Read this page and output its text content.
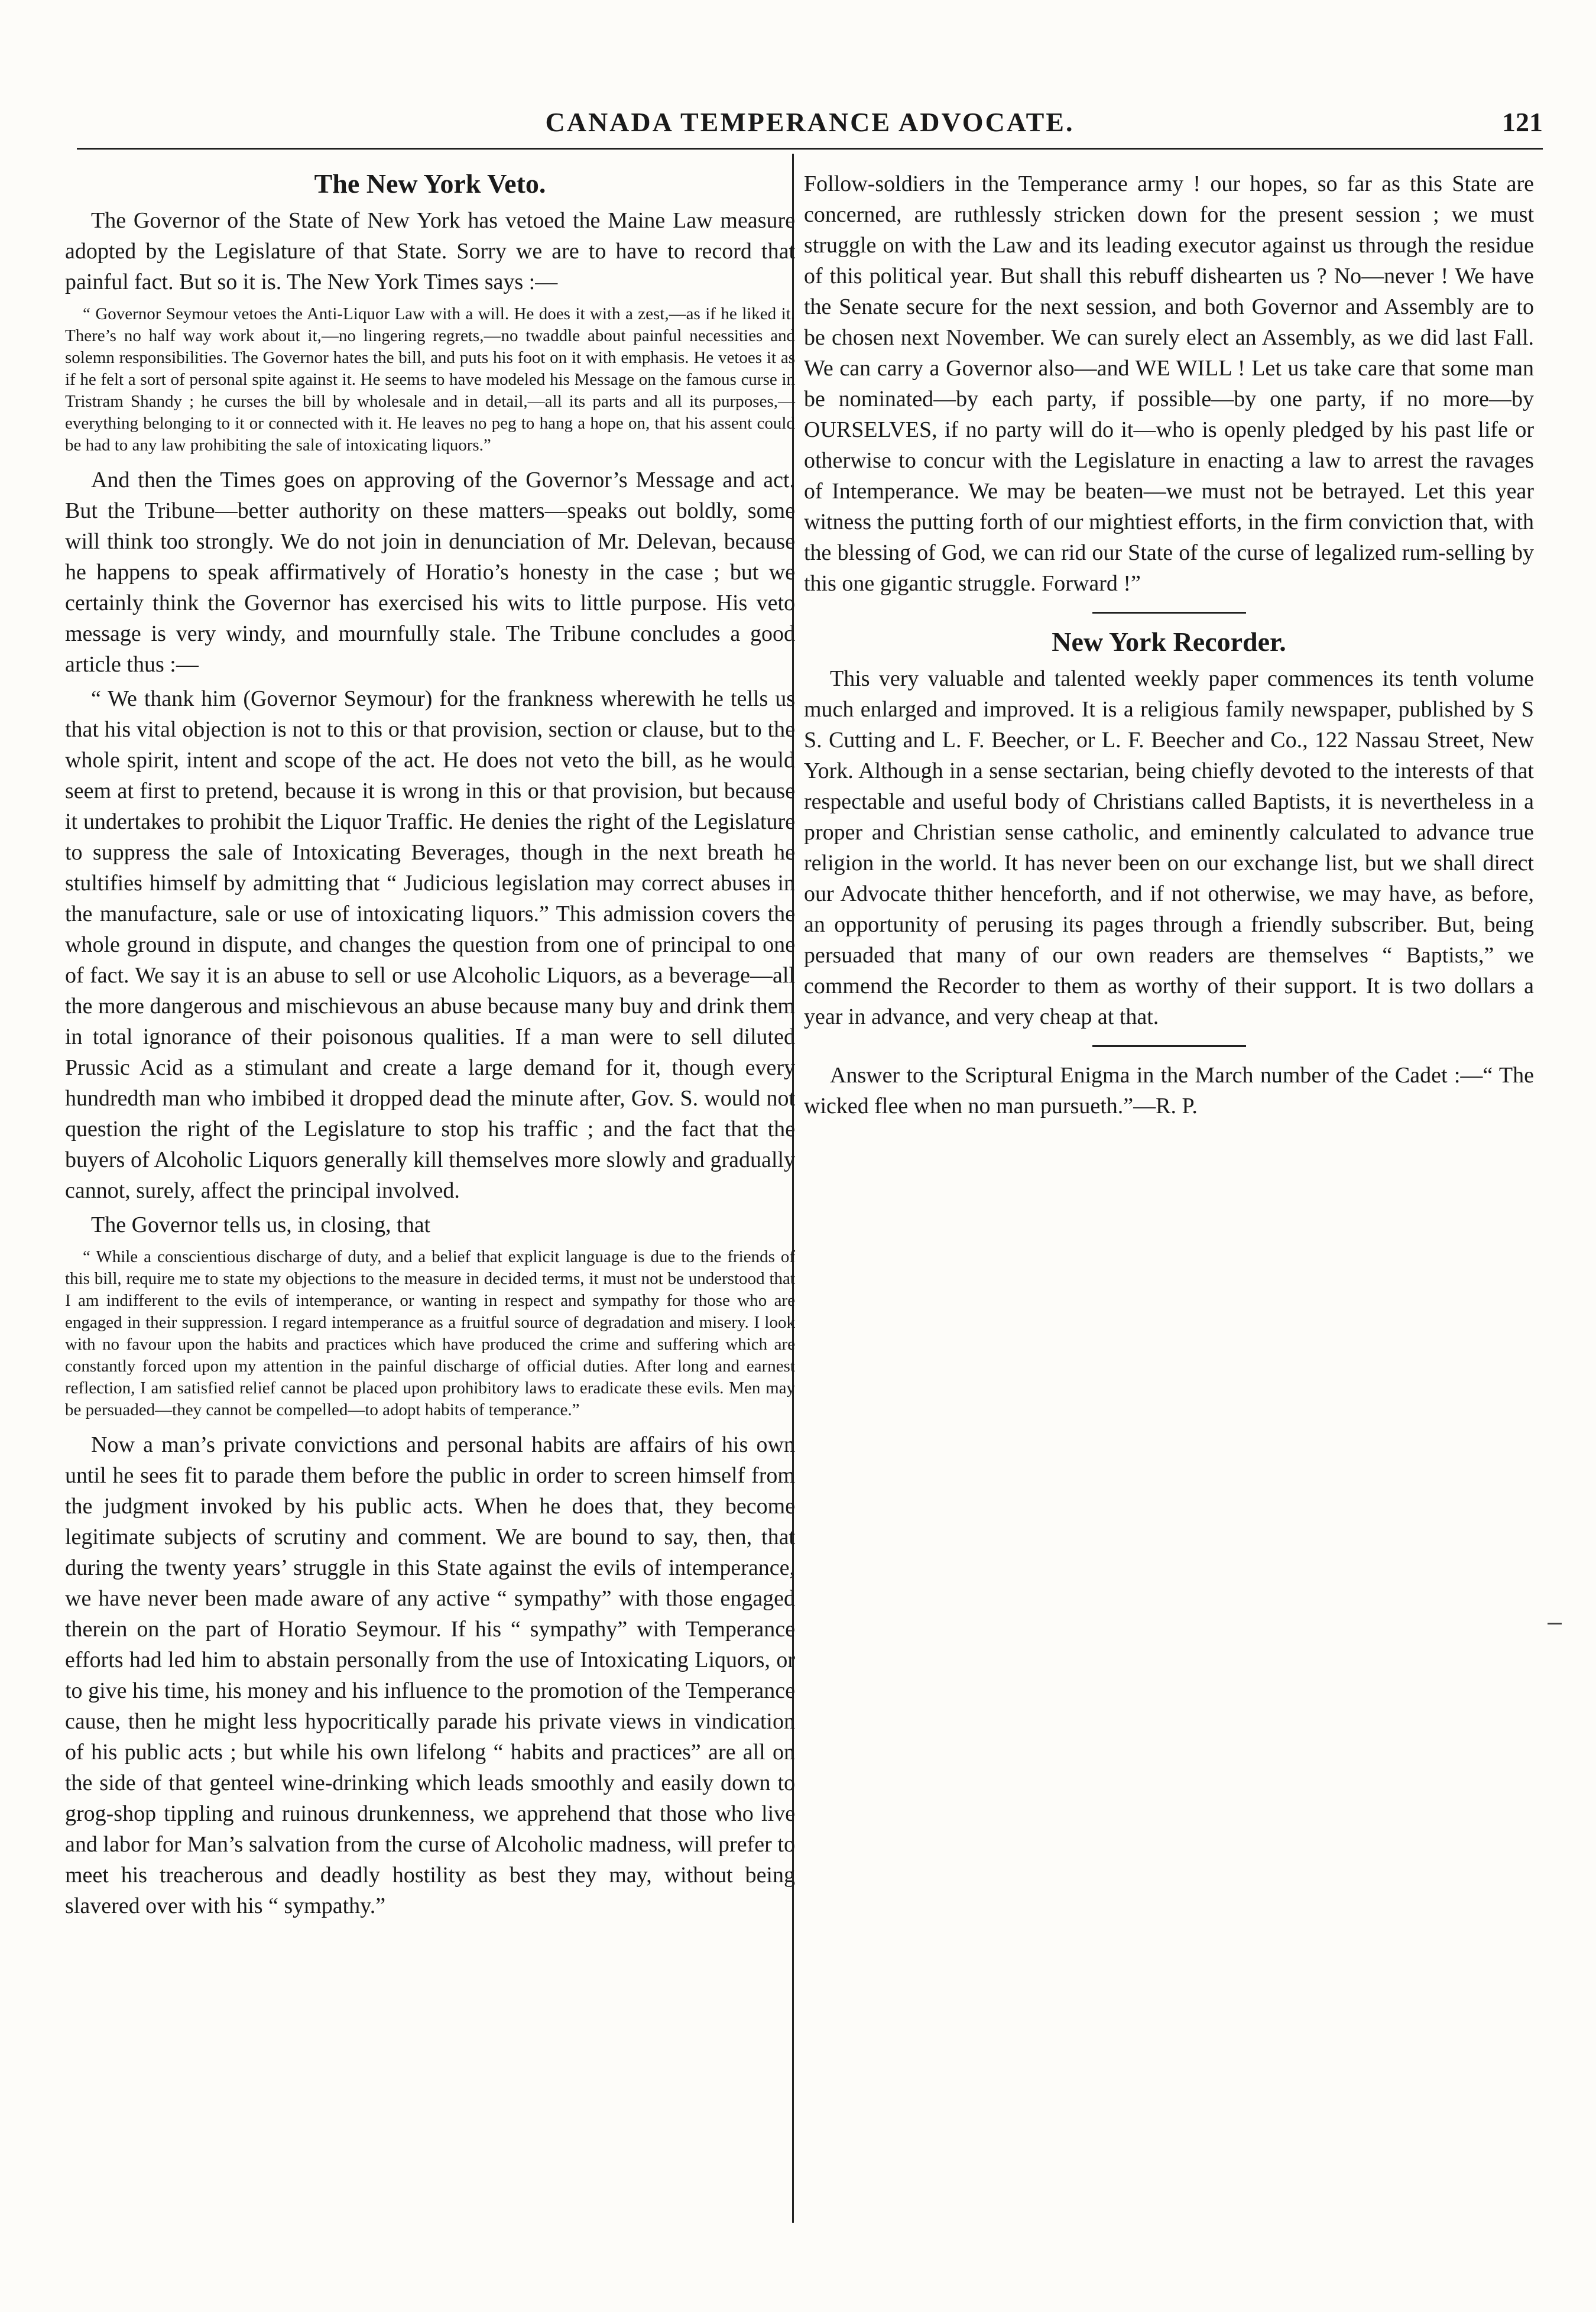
CANADA TEMPERANCE ADVOCATE.	121
The New York Veto.

The Governor of the State of New York has vetoed the Maine Law measure adopted by the Legislature of that State. Sorry we are to have to record that painful fact. But so it is. The New York Times says :—

“ Governor Seymour vetoes the Anti-Liquor Law with a will. He does it with a zest,—as if he liked it. There’s no half way work about it,—no lingering regrets,—no twaddle about painful necessities and solemn responsibilities. The Governor hates the bill, and puts his foot on it with emphasis. He vetoes it as if he felt a sort of personal spite against it. He seems to have modeled his Message on the famous curse in Tristram Shandy ; he curses the bill by wholesale and in detail,—all its parts and all its purposes,—everything belonging to it or connected with it. He leaves no peg to hang a hope on, that his assent could be had to any law prohibiting the sale of intoxicating liquors.”

And then the Times goes on approving of the Governor’s Message and act. But the Tribune—better authority on these matters—speaks out boldly, some will think too strongly. We do not join in denunciation of Mr. Delevan, because he happens to speak affirmatively of Horatio’s honesty in the case ; but we certainly think the Governor has exercised his wits to little purpose. His veto message is very windy, and mournfully stale. The Tribune concludes a good article thus :—

“ We thank him (Governor Seymour) for the frankness wherewith he tells us that his vital objection is not to this or that provision, section or clause, but to the whole spirit, intent and scope of the act. He does not veto the bill, as he would seem at first to pretend, because it is wrong in this or that provision, but because it undertakes to prohibit the Liquor Traffic. He denies the right of the Legislature to suppress the sale of Intoxicating Beverages, though in the next breath he stultifies himself by admitting that “ Judicious legislation may correct abuses in the manufacture, sale or use of intoxicating liquors.” This admission covers the whole ground in dispute, and changes the question from one of principal to one of fact. We say it is an abuse to sell or use Alcoholic Liquors, as a beverage—all the more dangerous and mischievous an abuse because many buy and drink them in total ignorance of their poisonous qualities. If a man were to sell diluted Prussic Acid as a stimulant and create a large demand for it, though every hundredth man who imbibed it dropped dead the minute after, Gov. S. would not question the right of the Legislature to stop his traffic ; and the fact that the buyers of Alcoholic Liquors generally kill themselves more slowly and gradually cannot, surely, affect the principal involved.

The Governor tells us, in closing, that

“ While a conscientious discharge of duty, and a belief that explicit language is due to the friends of this bill, require me to state my objections to the measure in decided terms, it must not be understood that I am indifferent to the evils of intemperance, or wanting in respect and sympathy for those who are engaged in their suppression. I regard intemperance as a fruitful source of degradation and misery. I look with no favour upon the habits and practices which have produced the crime and suffering which are constantly forced upon my attention in the painful discharge of official duties. After long and earnest reflection, I am satisfied relief cannot be placed upon prohibitory laws to eradicate these evils. Men may be persuaded—they cannot be compelled—to adopt habits of temperance.”

Now a man’s private convictions and personal habits are affairs of his own until he sees fit to parade them before the public in order to screen himself from the judgment invoked by his public acts. When he does that, they become legitimate subjects of scrutiny and comment. We are bound to say, then, that during the twenty years’ struggle in this State against the evils of intemperance, we have never been made aware of any active “ sympathy” with those engaged therein on the part of Horatio Seymour. If his “ sympathy” with Temperance efforts had led him to abstain personally from the use of Intoxicating Liquors, or to give his time, his money and his influence to the promotion of the Temperance cause, then he might less hypocritically parade his private views in vindication of his public acts ; but while his own lifelong “ habits and practices” are all on the side of that genteel wine-drinking which leads smoothly and easily down to grog-shop tippling and ruinous drunkenness, we apprehend that those who live and labor for Man’s salvation from the curse of Alcoholic madness, will prefer to meet his treacherous and deadly hostility as best they may, without being slavered over with his “ sympathy.”

Follow-soldiers in the Temperance army ! our hopes, so far as this State are concerned, are ruthlessly stricken down for the present session ; we must struggle on with the Law and its leading executor against us through the residue of this political year. But shall this rebuff dishearten us ? No—never ! We have the Senate secure for the next session, and both Governor and Assembly are to be chosen next November. We can surely elect an Assembly, as we did last Fall. We can carry a Governor also—and WE WILL ! Let us take care that some man be nominated—by each party, if possible—by one party, if no more—by OURSELVES, if no party will do it—who is openly pledged by his past life or otherwise to concur with the Legislature in enacting a law to arrest the ravages of Intemperance. We may be beaten—we must not be betrayed. Let this year witness the putting forth of our mightiest efforts, in the firm conviction that, with the blessing of God, we can rid our State of the curse of legalized rum-selling by this one gigantic struggle. Forward !”

New York Recorder.

This very valuable and talented weekly paper commences its tenth volume much enlarged and improved. It is a religious family newspaper, published by S S. Cutting and L. F. Beecher, or L. F. Beecher and Co., 122 Nassau Street, New York. Although in a sense sectarian, being chiefly devoted to the interests of that respectable and useful body of Christians called Baptists, it is nevertheless in a proper and Christian sense catholic, and eminently calculated to advance true religion in the world. It has never been on our exchange list, but we shall direct our Advocate thither henceforth, and if not otherwise, we may have, as before, an opportunity of perusing its pages through a friendly subscriber. But, being persuaded that many of our own readers are themselves “ Baptists,” we commend the Recorder to them as worthy of their support. It is two dollars a year in advance, and very cheap at that.

Answer to the Scriptural Enigma in the March number of the Cadet :—“ The wicked flee when no man pursueth.”—R. P.
